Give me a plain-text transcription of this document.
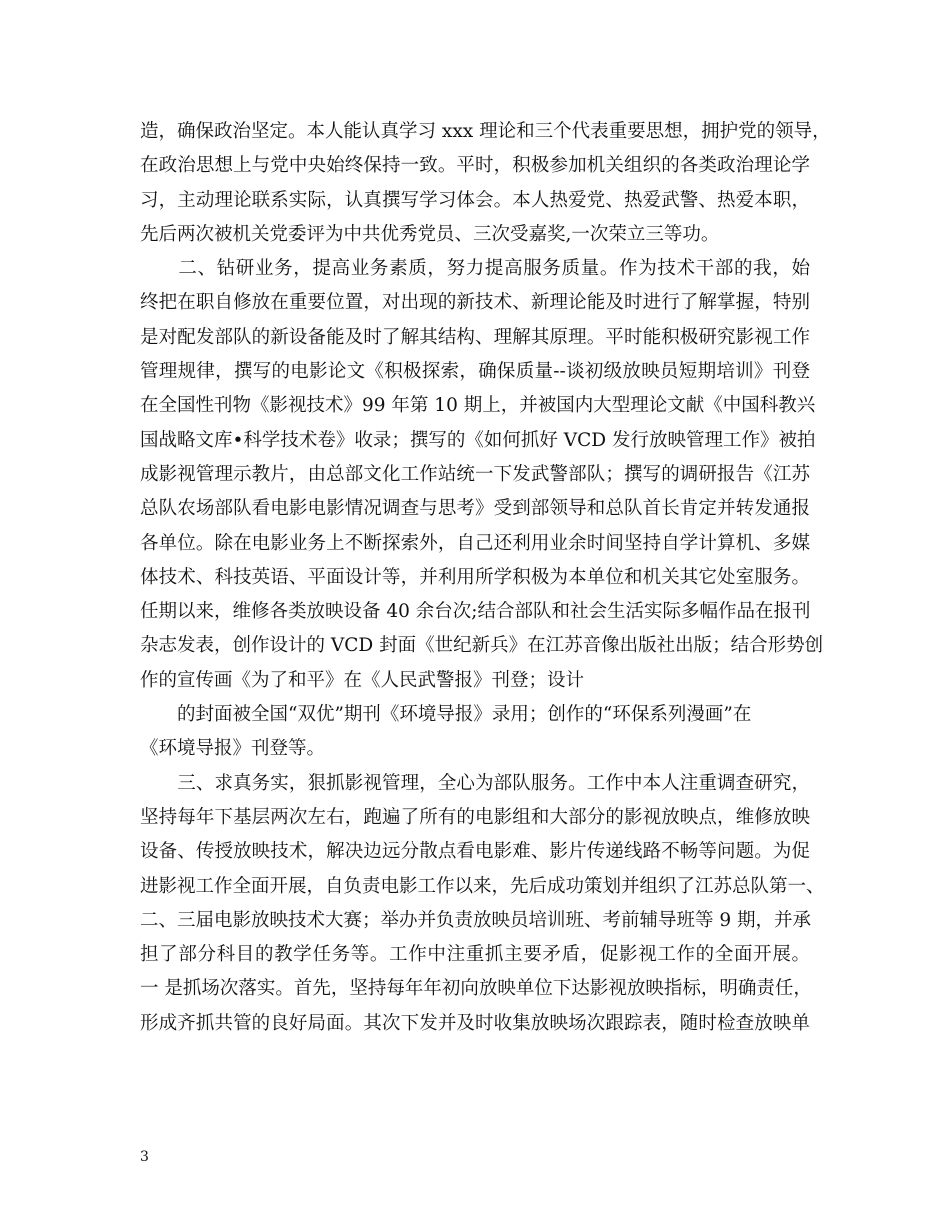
造，确保政治坚定。本人能认真学习 xxx 理论和三个代表重要思想，拥护党的领导，
在政治思想上与党中央始终保持一致。平时，积极参加机关组织的各类政治理论学
习，主动理论联系实际，认真撰写学习体会。本人热爱党、热爱武警、热爱本职，
先后两次被机关党委评为中共优秀党员、三次受嘉奖,一次荣立三等功。
　　二、钻研业务，提高业务素质，努力提高服务质量。作为技术干部的我，始
终把在职自修放在重要位置，对出现的新技术、新理论能及时进行了解掌握，特别
是对配发部队的新设备能及时了解其结构、理解其原理。平时能积极研究影视工作
管理规律，撰写的电影论文《积极探索，确保质量--谈初级放映员短期培训》刊登
在全国性刊物《影视技术》99 年第 10 期上，并被国内大型理论文献《中国科教兴
国战略文库•科学技术卷》收录；撰写的《如何抓好 VCD 发行放映管理工作》被拍
成影视管理示教片，由总部文化工作站统一下发武警部队；撰写的调研报告《江苏
总队农场部队看电影电影情况调查与思考》受到部领导和总队首长肯定并转发通报
各单位。除在电影业务上不断探索外，自己还利用业余时间坚持自学计算机、多媒
体技术、科技英语、平面设计等，并利用所学积极为本单位和机关其它处室服务。
任期以来，维修各类放映设备 40 余台次;结合部队和社会生活实际多幅作品在报刊
杂志发表，创作设计的 VCD 封面《世纪新兵》在江苏音像出版社出版；结合形势创
作的宣传画《为了和平》在《人民武警报》刊登；设计
　　的封面被全国“双优”期刊《环境导报》录用；创作的“环保系列漫画”在
《环境导报》刊登等。
　　三、求真务实，狠抓影视管理，全心为部队服务。工作中本人注重调查研究，
坚持每年下基层两次左右，跑遍了所有的电影组和大部分的影视放映点，维修放映
设备、传授放映技术，解决边远分散点看电影难、影片传递线路不畅等问题。为促
进影视工作全面开展，自负责电影工作以来，先后成功策划并组织了江苏总队第一、
二、三届电影放映技术大赛；举办并负责放映员培训班、考前辅导班等 9 期，并承
担了部分科目的教学任务等。工作中注重抓主要矛盾，促影视工作的全面开展。
一 是抓场次落实。首先，坚持每年年初向放映单位下达影视放映指标，明确责任，
形成齐抓共管的良好局面。其次下发并及时收集放映场次跟踪表，随时检查放映单
3
